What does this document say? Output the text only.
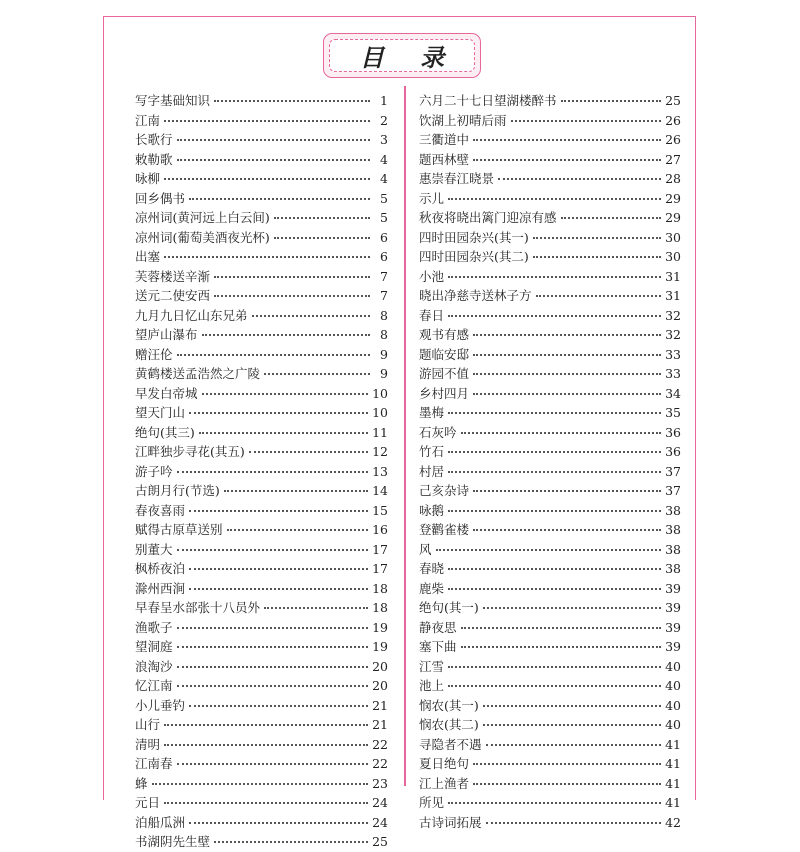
目 录
写字基础知识	1
江南	2
长歌行	3
敕勒歌	4
咏柳	4
回乡偶书	5
凉州词(黄河远上白云间)	5
凉州词(葡萄美酒夜光杯)	6
出塞	6
芙蓉楼送辛渐	7
送元二使安西	7
九月九日忆山东兄弟	8
望庐山瀑布	8
赠汪伦	9
黄鹤楼送孟浩然之广陵	9
早发白帝城	10
望天门山	10
绝句(其三)	11
江畔独步寻花(其五)	12
游子吟	13
古朗月行(节选)	14
春夜喜雨	15
赋得古原草送别	16
别董大	17
枫桥夜泊	17
滁州西涧	18
早春呈水部张十八员外	18
渔歌子	19
望洞庭	19
浪淘沙	20
忆江南	20
小儿垂钓	21
山行	21
清明	22
江南春	22
蜂	23
元日	24
泊船瓜洲	24
书湖阴先生壁	25
六月二十七日望湖楼醉书	25
饮湖上初晴后雨	26
三衢道中	26
题西林壁	27
惠崇春江晓景	28
示儿	29
秋夜将晓出篱门迎凉有感	29
四时田园杂兴(其一)	30
四时田园杂兴(其二)	30
小池	31
晓出净慈寺送林子方	31
春日	32
观书有感	32
题临安邸	33
游园不值	33
乡村四月	34
墨梅	35
石灰吟	36
竹石	36
村居	37
己亥杂诗	37
咏鹅	38
登鹳雀楼	38
风	38
春晓	38
鹿柴	39
绝句(其一)	39
静夜思	39
塞下曲	39
江雪	40
池上	40
悯农(其一)	40
悯农(其二)	40
寻隐者不遇	41
夏日绝句	41
江上渔者	41
所见	41
古诗词拓展	42
